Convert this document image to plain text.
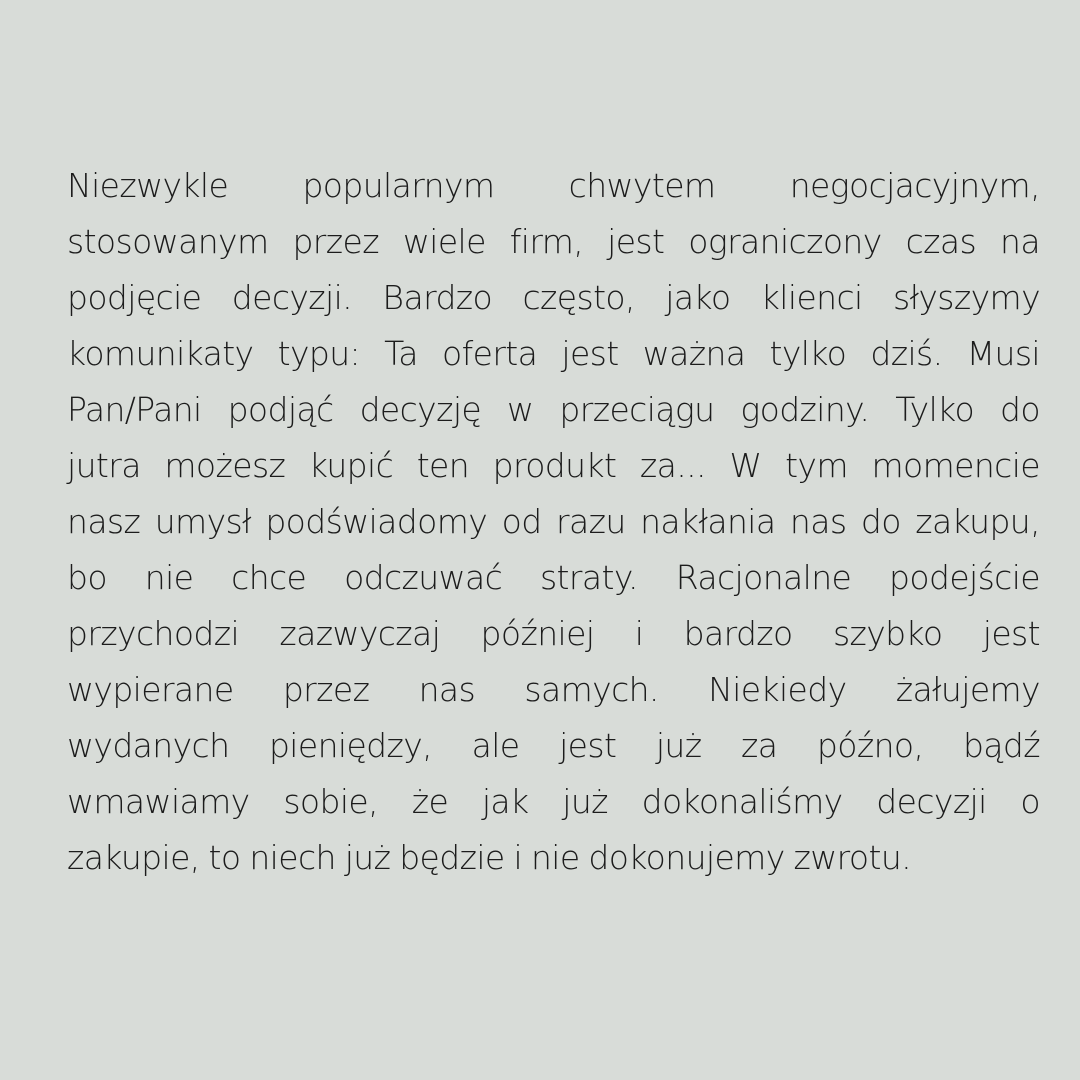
Niezwykle popularnym chwytem negocjacyjnym,
stosowanym przez wiele firm, jest ograniczony czas na
podjęcie decyzji. Bardzo często, jako klienci słyszymy
komunikaty typu: Ta oferta jest ważna tylko dziś. Musi
Pan/Pani podjąć decyzję w przeciągu godziny. Tylko do
jutra możesz kupić ten produkt za... W tym momencie
nasz umysł podświadomy od razu nakłania nas do zakupu,
bo nie chce odczuwać straty. Racjonalne podejście
przychodzi zazwyczaj później i bardzo szybko jest
wypierane przez nas samych. Niekiedy żałujemy
wydanych pieniędzy, ale jest już za późno, bądź
wmawiamy sobie, że jak już dokonaliśmy decyzji o
zakupie, to niech już będzie i nie dokonujemy zwrotu.
